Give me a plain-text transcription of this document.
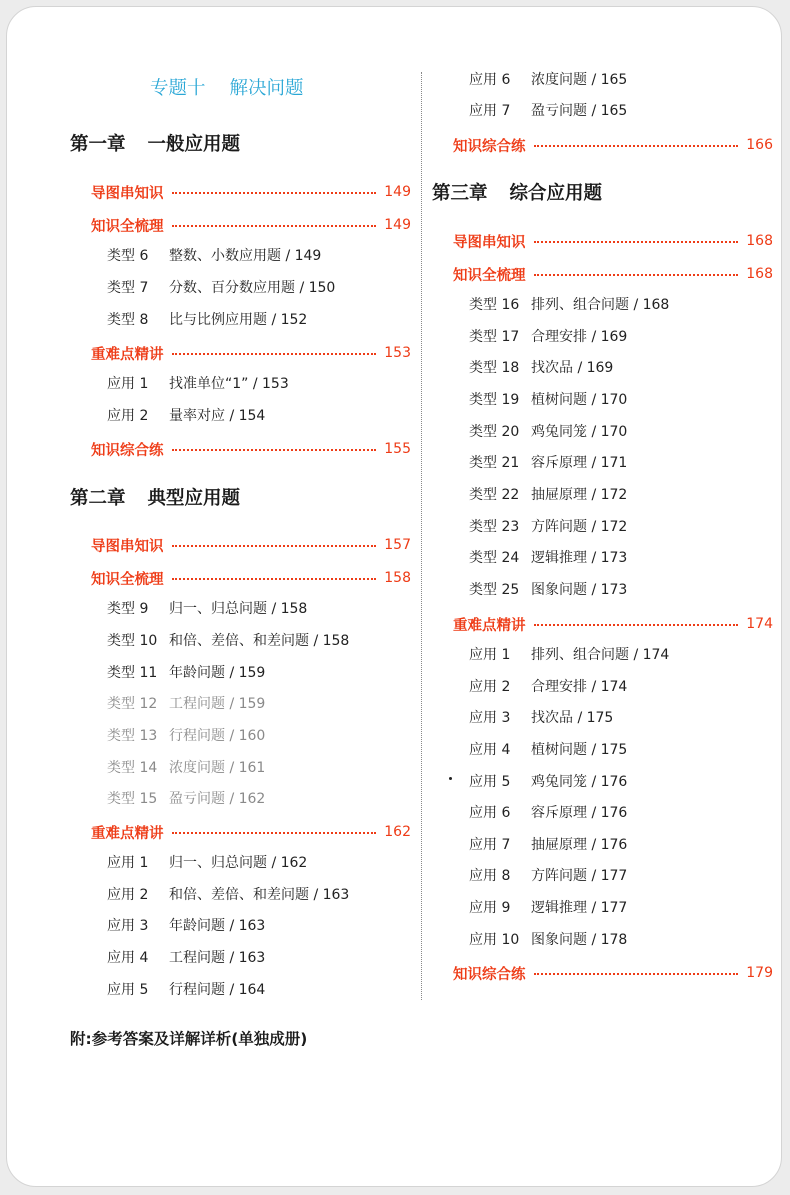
专题十 解决问题
第一章 一般应用题
导图串知识	149
知识全梳理	149
类型 6 整数、小数应用题 / 149
类型 7 分数、百分数应用题 / 150
类型 8 比与比例应用题 / 152
重难点精讲	153
应用 1 找准单位“1” / 153
应用 2 量率对应 / 154
知识综合练	155
第二章 典型应用题
导图串知识	157
知识全梳理	158
类型 9 归一、归总问题 / 158
类型 10 和倍、差倍、和差问题 / 158
类型 11 年龄问题 / 159
类型 12 工程问题 / 159
类型 13 行程问题 / 160
类型 14 浓度问题 / 161
类型 15 盈亏问题 / 162
重难点精讲	162
应用 1 归一、归总问题 / 162
应用 2 和倍、差倍、和差问题 / 163
应用 3 年龄问题 / 163
应用 4 工程问题 / 163
应用 5 行程问题 / 164
应用 6 浓度问题 / 165
应用 7 盈亏问题 / 165
知识综合练	166
第三章 综合应用题
导图串知识	168
知识全梳理	168
类型 16 排列、组合问题 / 168
类型 17 合理安排 / 169
类型 18 找次品 / 169
类型 19 植树问题 / 170
类型 20 鸡兔同笼 / 170
类型 21 容斥原理 / 171
类型 22 抽屉原理 / 172
类型 23 方阵问题 / 172
类型 24 逻辑推理 / 173
类型 25 图象问题 / 173
重难点精讲	174
应用 1 排列、组合问题 / 174
应用 2 合理安排 / 174
应用 3 找次品 / 175
应用 4 植树问题 / 175
应用 5 鸡兔同笼 / 176
应用 6 容斥原理 / 176
应用 7 抽屉原理 / 176
应用 8 方阵问题 / 177
应用 9 逻辑推理 / 177
应用 10 图象问题 / 178
知识综合练	179
附:参考答案及详解详析(单独成册)
